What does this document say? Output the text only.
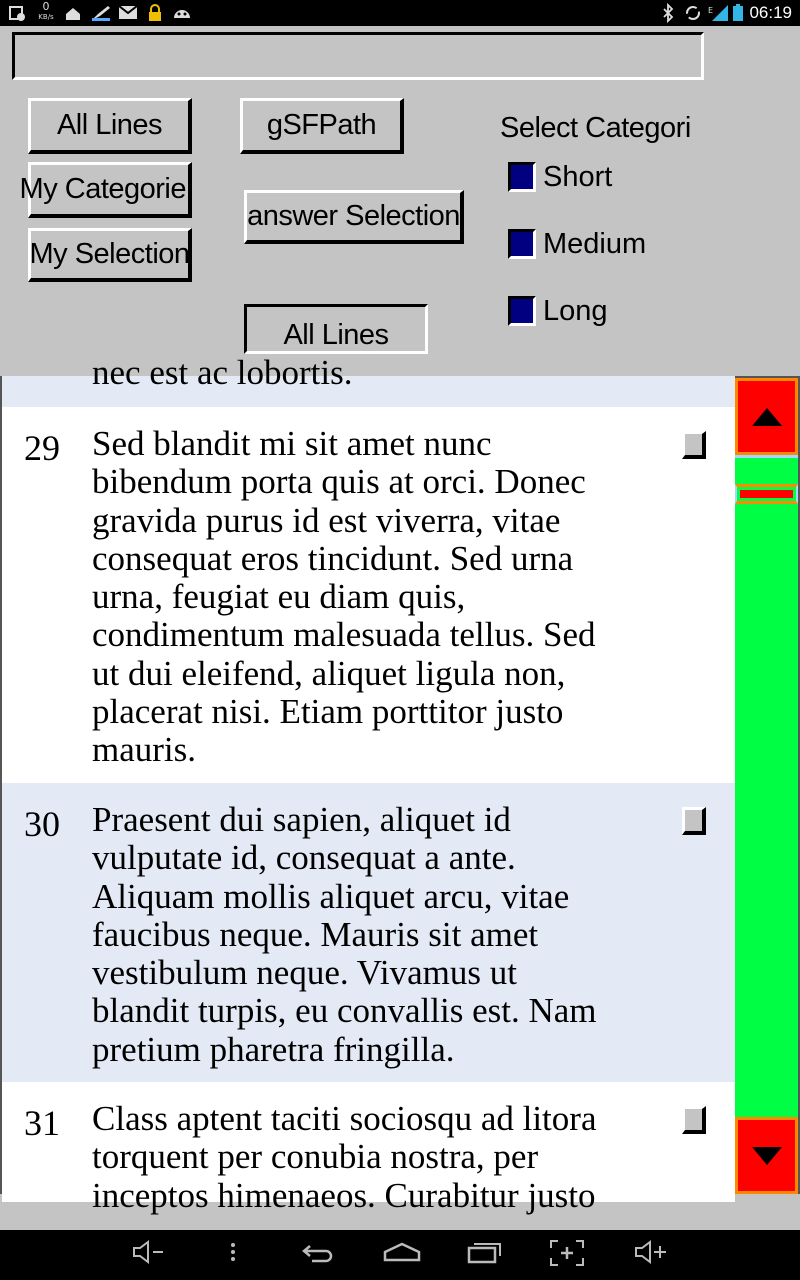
0
KB/s
E 06:19
All Lines	gSFPath
My Categorie
answer Selection
My Selection
All Lines
Select Categori
Short
Medium
Long
nec est ac lobortis.
29 Sed blandit mi sit amet nunc
bibendum porta quis at orci. Donec
gravida purus id est viverra, vitae
consequat eros tincidunt. Sed urna
urna, feugiat eu diam quis,
condimentum malesuada tellus. Sed
ut dui eleifend, aliquet ligula non,
placerat nisi. Etiam porttitor justo
mauris.
30 Praesent dui sapien, aliquet id
vulputate id, consequat a ante.
Aliquam mollis aliquet arcu, vitae
faucibus neque. Mauris sit amet
vestibulum neque. Vivamus ut
blandit turpis, eu convallis est. Nam
pretium pharetra fringilla.
31 Class aptent taciti sociosqu ad litora
torquent per conubia nostra, per
inceptos himenaeos. Curabitur justo
